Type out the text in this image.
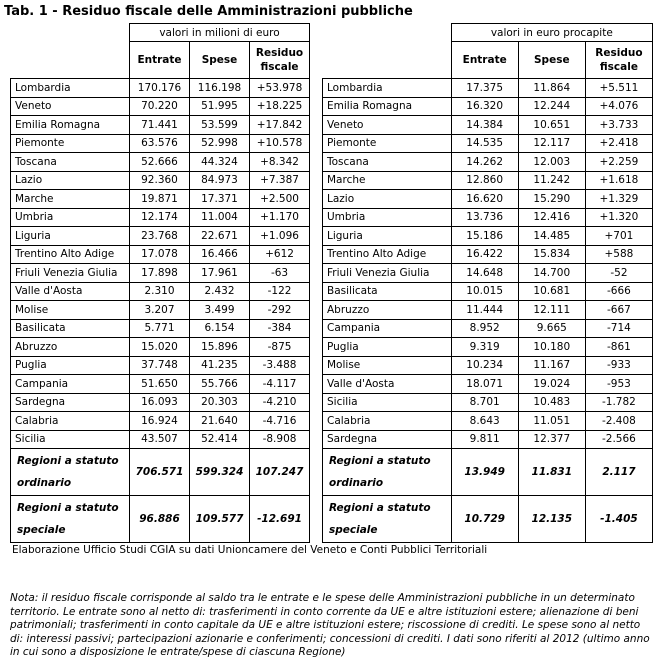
Tab. 1 - Residuo fiscale delle Amministrazioni pubbliche
	valori in milioni di euro		
	Entrate	Spese	Residuo fiscale
Lombardia	170.176	116.198	+53.978
Veneto	70.220	51.995	+18.225
Emilia Romagna	71.441	53.599	+17.842
Piemonte	63.576	52.998	+10.578
Toscana	52.666	44.324	+8.342
Lazio	92.360	84.973	+7.387
Marche	19.871	17.371	+2.500
Umbria	12.174	11.004	+1.170
Liguria	23.768	22.671	+1.096
Trentino Alto Adige	17.078	16.466	+612
Friuli Venezia Giulia	17.898	17.961	-63
Valle d'Aosta	2.310	2.432	-122
Molise	3.207	3.499	-292
Basilicata	5.771	6.154	-384
Abruzzo	15.020	15.896	-875
Puglia	37.748	41.235	-3.488
Campania	51.650	55.766	-4.117
Sardegna	16.093	20.303	-4.210
Calabria	16.924	21.640	-4.716
Sicilia	43.507	52.414	-8.908
Regioni a statuto ordinario	706.571	599.324	107.247
Regioni a statuto speciale	96.886	109.577	-12.691
	valori in euro procapite		
	Entrate	Spese	Residuo fiscale
Lombardia	17.375	11.864	+5.511
Emilia Romagna	16.320	12.244	+4.076
Veneto	14.384	10.651	+3.733
Piemonte	14.535	12.117	+2.418
Toscana	14.262	12.003	+2.259
Marche	12.860	11.242	+1.618
Lazio	16.620	15.290	+1.329
Umbria	13.736	12.416	+1.320
Liguria	15.186	14.485	+701
Trentino Alto Adige	16.422	15.834	+588
Friuli Venezia Giulia	14.648	14.700	-52
Basilicata	10.015	10.681	-666
Abruzzo	11.444	12.111	-667
Campania	8.952	9.665	-714
Puglia	9.319	10.180	-861
Molise	10.234	11.167	-933
Valle d'Aosta	18.071	19.024	-953
Sicilia	8.701	10.483	-1.782
Calabria	8.643	11.051	-2.408
Sardegna	9.811	12.377	-2.566
Regioni a statuto ordinario	13.949	11.831	2.117
Regioni a statuto speciale	10.729	12.135	-1.405
Elaborazione Ufficio Studi CGIA su dati Unioncamere del Veneto e Conti Pubblici Territoriali
Nota: il residuo fiscale corrisponde al saldo tra le entrate e le spese delle Amministrazioni pubbliche in un determinato territorio. Le entrate sono al netto di: trasferimenti in conto corrente da UE e altre istituzioni estere; alienazione di beni patrimoniali; trasferimenti in conto capitale da UE e altre istituzioni estere; riscossione di crediti. Le spese sono al netto di: interessi passivi; partecipazioni azionarie e conferimenti; concessioni di crediti. I dati sono riferiti al 2012 (ultimo anno in cui sono a disposizione le entrate/spese di ciascuna Regione)
